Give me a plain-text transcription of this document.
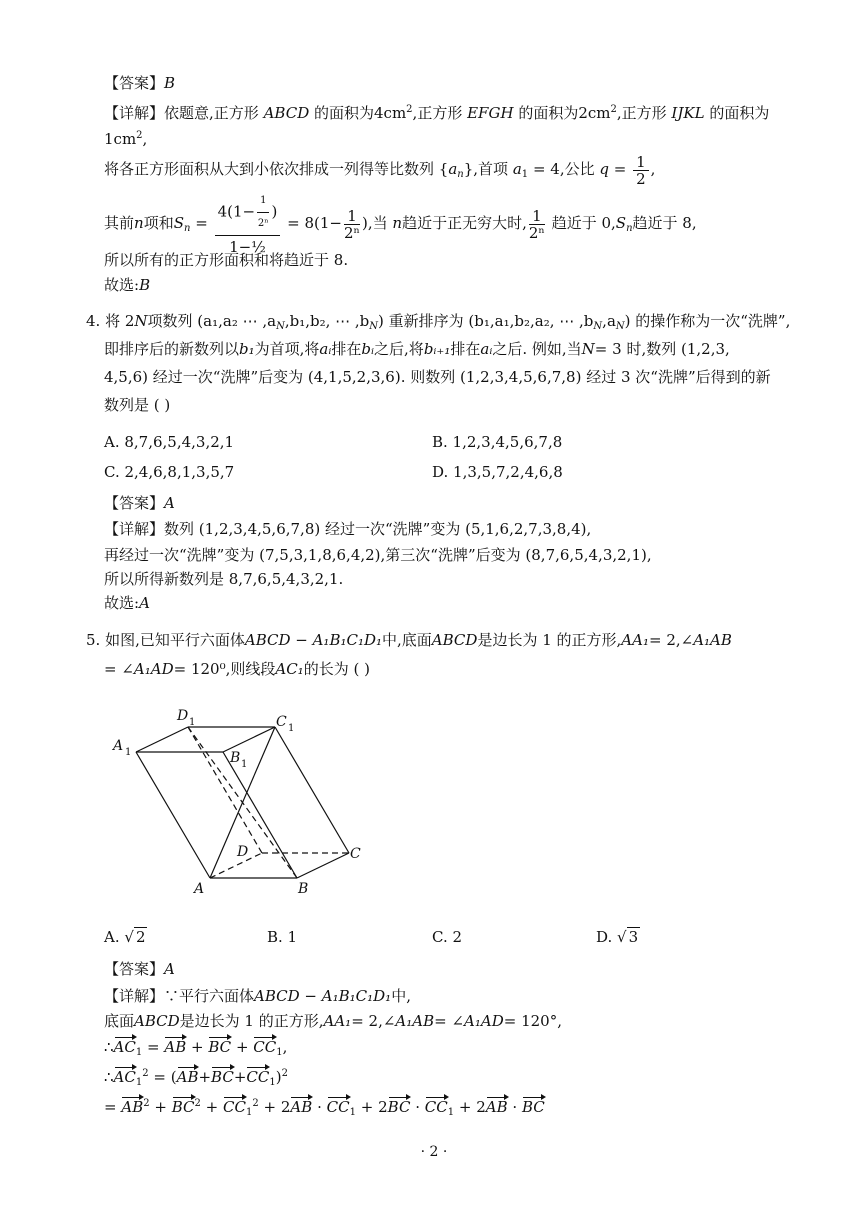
【答案】B
【详解】依题意,正方形 ABCD 的面积为$4cm^2$,正方形 EFGH 的面积为$2cm^2$,正方形 IJKL 的面积为
$1cm^2$,
将各正方形面积从大到小依次排成一列得等比数列 $\{a_n\}$,首项 $a_1 = 4$,公比 $q = \frac{1}{2}$ ,
其前n项和$S_n = \frac{4(1- \frac{1}{\text{2ⁿ}} )}{\text{1−½}} = 8(1- \frac{1}{\text{2ⁿ}}$ ),当 n趋近于正无穷大时, $\frac{1}{\text{2ⁿ}}$ 趋近于 $0,S_n$趋近于 8,
所以所有的正方形面积和将趋近于 8.
故选:B
4. 将 2N项数列 (a₁,a₂ ⋯ $,a_N,b_1,b_2$, ⋯ $,b_N$) 重新排序为 (b₁,a₁,b₂,a₂, ⋯ $,b_N,a_N$) 的操作称为一次“洗牌”,
即排序后的新数列以b₁为首项,将aᵢ排在bᵢ之后,将bᵢ₊₁排在aᵢ之后. 例如,当N= 3 时,数列 (1,2,3,
4,5,6) 经过一次“洗牌”后变为 (4,1,5,2,3,6). 则数列 (1,2,3,4,5,6,7,8) 经过 3 次“洗牌”后得到的新
数列是 ( )
A. 8,7,6,5,4,3,2,1	B. 1,2,3,4,5,6,7,8
C. 2,4,6,8,1,3,5,7	D. 1,3,5,7,2,4,6,8
【答案】A
【详解】数列 (1,2,3,4,5,6,7,8) 经过一次“洗牌”变为 (5,1,6,2,7,3,8,4),
再经过一次“洗牌”变为 (7,5,3,1,8,6,4,2),第三次“洗牌”后变为 (8,7,6,5,4,3,2,1),
所以所得新数列是 8,7,6,5,4,3,2,1.
故选:A
5. 如图,已知平行六面体ABCD − A₁B₁C₁D₁中,底面ABCD是边长为 1 的正方形,AA₁= 2,∠A₁AB
= ∠A₁AD= 120⁰,则线段AC₁的长为 ( )
A 1
D 1	C 1
B 1
D	C
A	B
A. √ 2	B. 1	C. 2	D. √ 3
【答案】A
【详解】∵平行六面体ABCD − A₁B₁C₁D₁中,
底面ABCD是边长为 1 的正方形,AA₁= 2,∠A₁AB= ∠A₁AD= 120°,
$\therefore AC_1$ = AB + BC + $CC_1$,
$\therefore AC_1^2 = (AB+BC+CC_1)^2$
= $AB^2 + BC^2 + CC_1^2 + 2AB \cdot CC_1 + 2BC \cdot CC_1 + 2AB$ · BC
· 2 ·
